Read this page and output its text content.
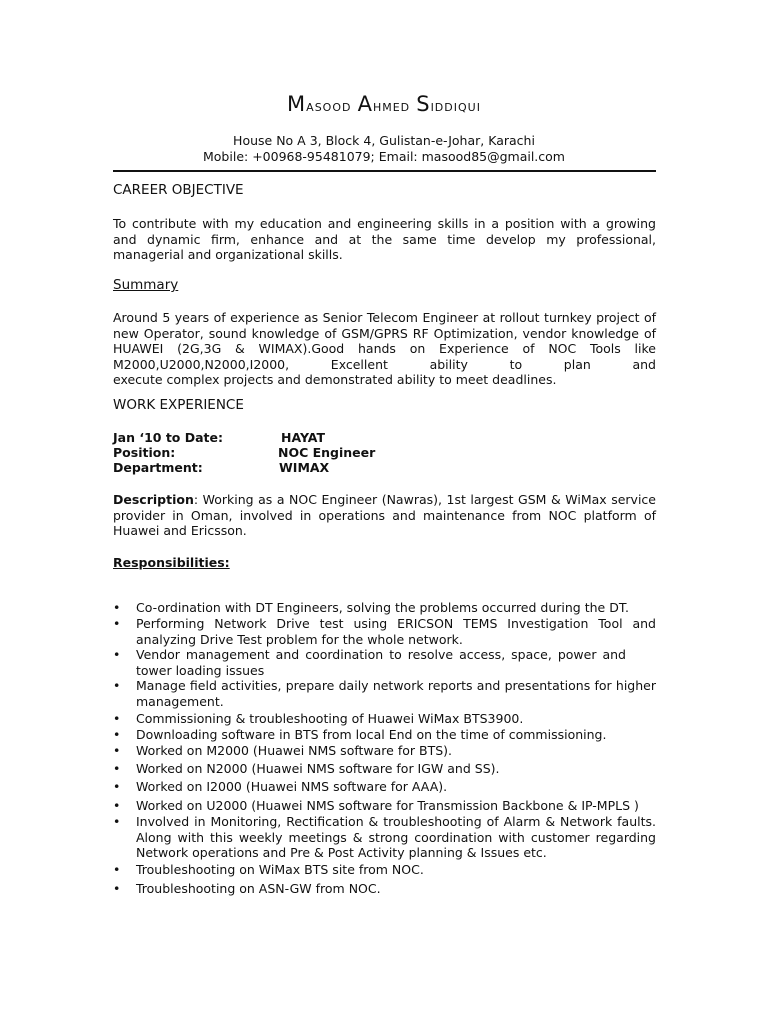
Masood Ahmed Siddiqui
House No A 3, Block 4, Gulistan-e-Johar, Karachi
Mobile: +00968-95481079; Email: masood85@gmail.com
CAREER OBJECTIVE
To contribute with my education and engineering skills in a position with a growing and dynamic firm, enhance and at the same time develop my professional, managerial and organizational skills.
Summary
Around 5 years of experience as Senior Telecom Engineer at rollout turnkey project of new Operator, sound knowledge of GSM/GPRS RF Optimization, vendor knowledge of HUAWEI (2G,3G & WIMAX).Good hands on Experience of NOC Tools like M2000,U2000,N2000,I2000, Excellent ability to plan and
execute complex projects and demonstrated ability to meet deadlines.
WORK EXPERIENCE
Jan ‘10 to Date:	HAYAT
Position:	NOC Engineer
Department:	WIMAX
Description: Working as a NOC Engineer (Nawras), 1st largest GSM & WiMax service provider in Oman, involved in operations and maintenance from NOC platform of Huawei and Ericsson.
Responsibilities:
•	Co-ordination with DT Engineers, solving the problems occurred during the DT.
•	Performing Network Drive test using ERICSON TEMS Investigation Tool and analyzing Drive Test problem for the whole network.
•	Vendor management and coordination to resolve access, space, power and tower loading issues
•	Manage field activities, prepare daily network reports and presentations for higher management.
•	Commissioning & troubleshooting of Huawei WiMax BTS3900.
•	Downloading software in BTS from local End on the time of commissioning.
•	Worked on M2000 (Huawei NMS software for BTS).
•	Worked on N2000 (Huawei NMS software for IGW and SS).
•	Worked on I2000 (Huawei NMS software for AAA).
•	Worked on U2000 (Huawei NMS software for Transmission Backbone & IP-MPLS )
•	Involved in Monitoring, Rectification & troubleshooting of Alarm & Network faults. Along with this weekly meetings & strong coordination with customer regarding Network operations and Pre & Post Activity planning & Issues etc.
•	Troubleshooting on WiMax BTS site from NOC.
•	Troubleshooting on ASN-GW from NOC.
